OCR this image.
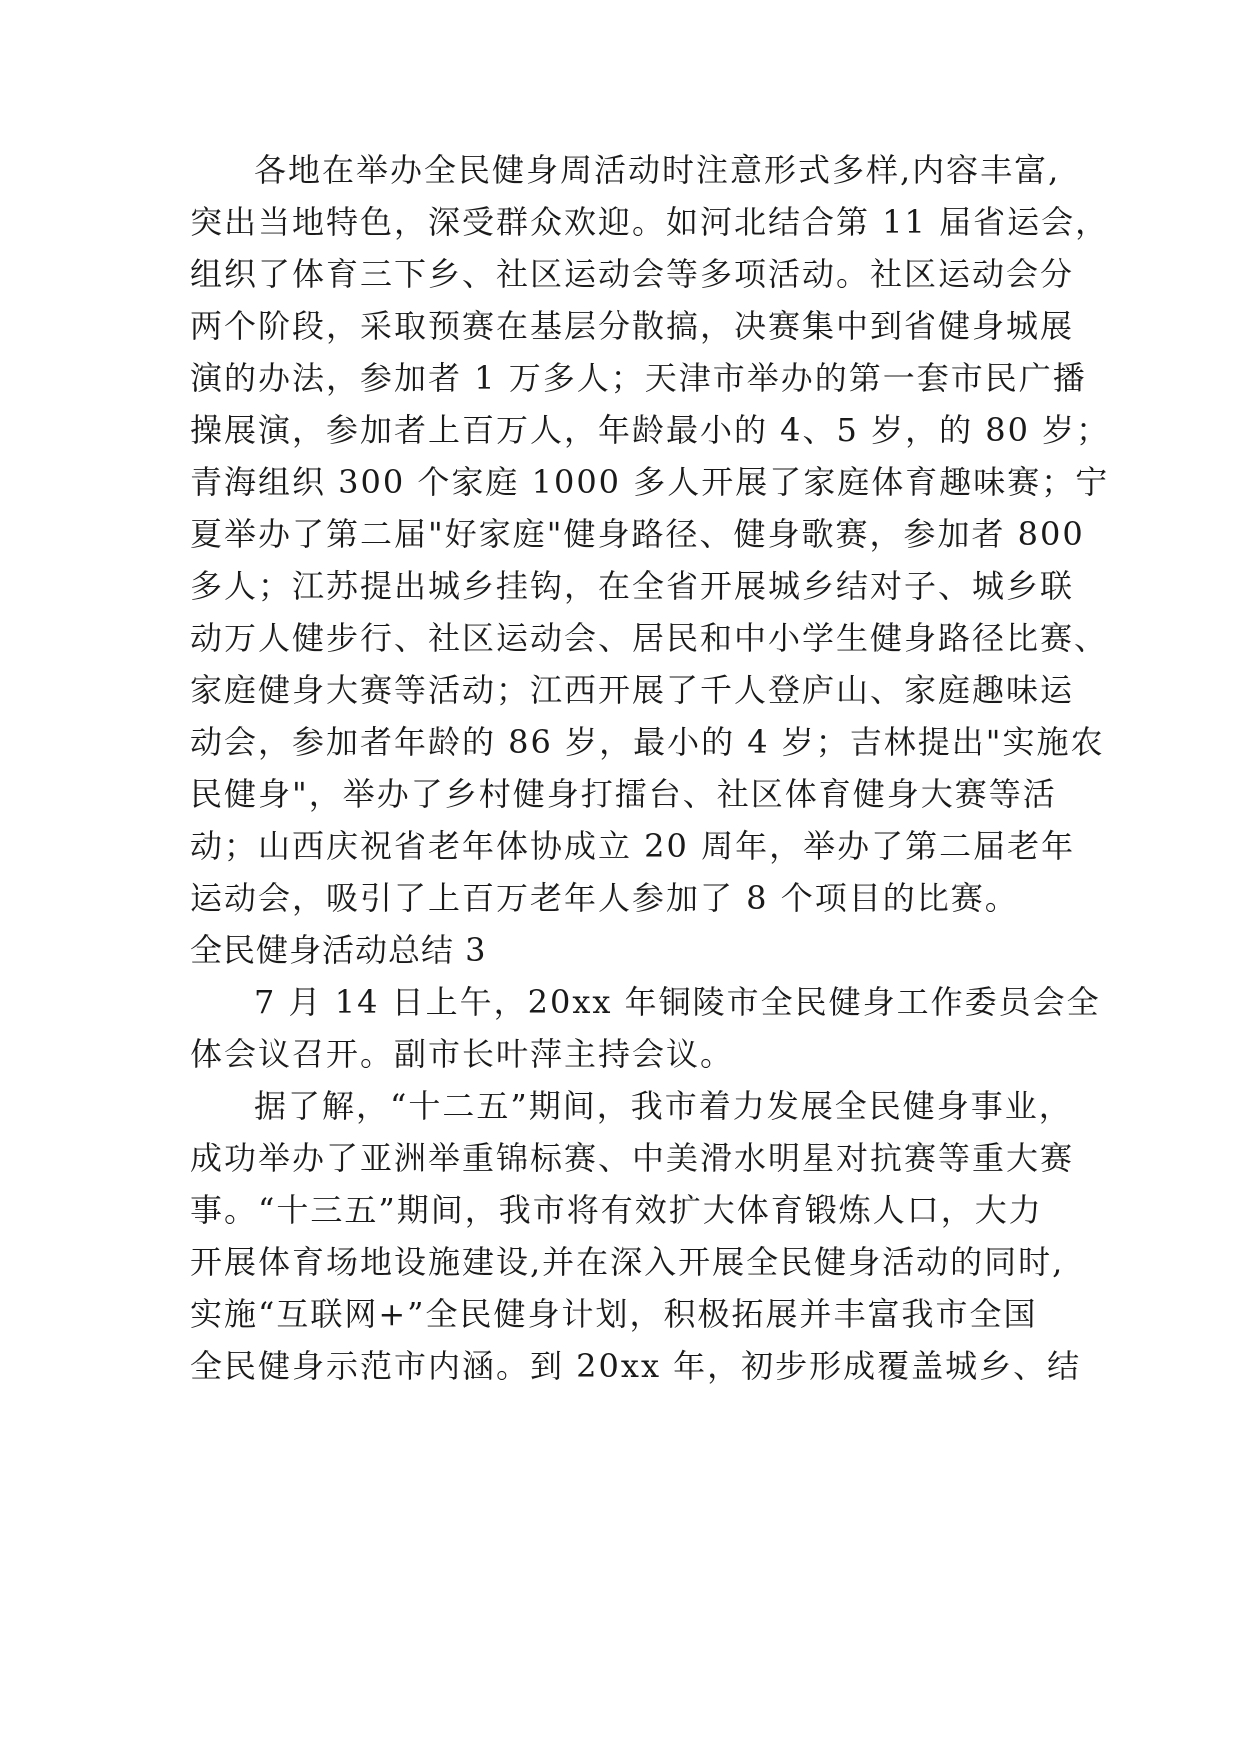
各地在举办全民健身周活动时注意形式多样,内容丰富,
突出当地特色，深受群众欢迎。如河北结合第 11 届省运会，
组织了体育三下乡、社区运动会等多项活动。社区运动会分
两个阶段，采取预赛在基层分散搞，决赛集中到省健身城展
演的办法，参加者 1 万多人；天津市举办的第一套市民广播
操展演，参加者上百万人，年龄最小的 4、5 岁，的 80 岁；
青海组织 300 个家庭 1000 多人开展了家庭体育趣味赛；宁
夏举办了第二届"好家庭"健身路径、健身歌赛，参加者 800
多人；江苏提出城乡挂钩，在全省开展城乡结对子、城乡联
动万人健步行、社区运动会、居民和中小学生健身路径比赛、
家庭健身大赛等活动；江西开展了千人登庐山、家庭趣味运
动会，参加者年龄的 86 岁，最小的 4 岁；吉林提出"实施农
民健身"，举办了乡村健身打擂台、社区体育健身大赛等活
动；山西庆祝省老年体协成立 20 周年，举办了第二届老年
运动会，吸引了上百万老年人参加了 8 个项目的比赛。
全民健身活动总结 3
7 月 14 日上午，20xx 年铜陵市全民健身工作委员会全
体会议召开。副市长叶萍主持会议。
据了解，“十二五”期间，我市着力发展全民健身事业，
成功举办了亚洲举重锦标赛、中美滑水明星对抗赛等重大赛
事。“十三五”期间，我市将有效扩大体育锻炼人口，大力
开展体育场地设施建设,并在深入开展全民健身活动的同时,
实施“互联网+”全民健身计划，积极拓展并丰富我市全国
全民健身示范市内涵。到 20xx 年，初步形成覆盖城乡、结
